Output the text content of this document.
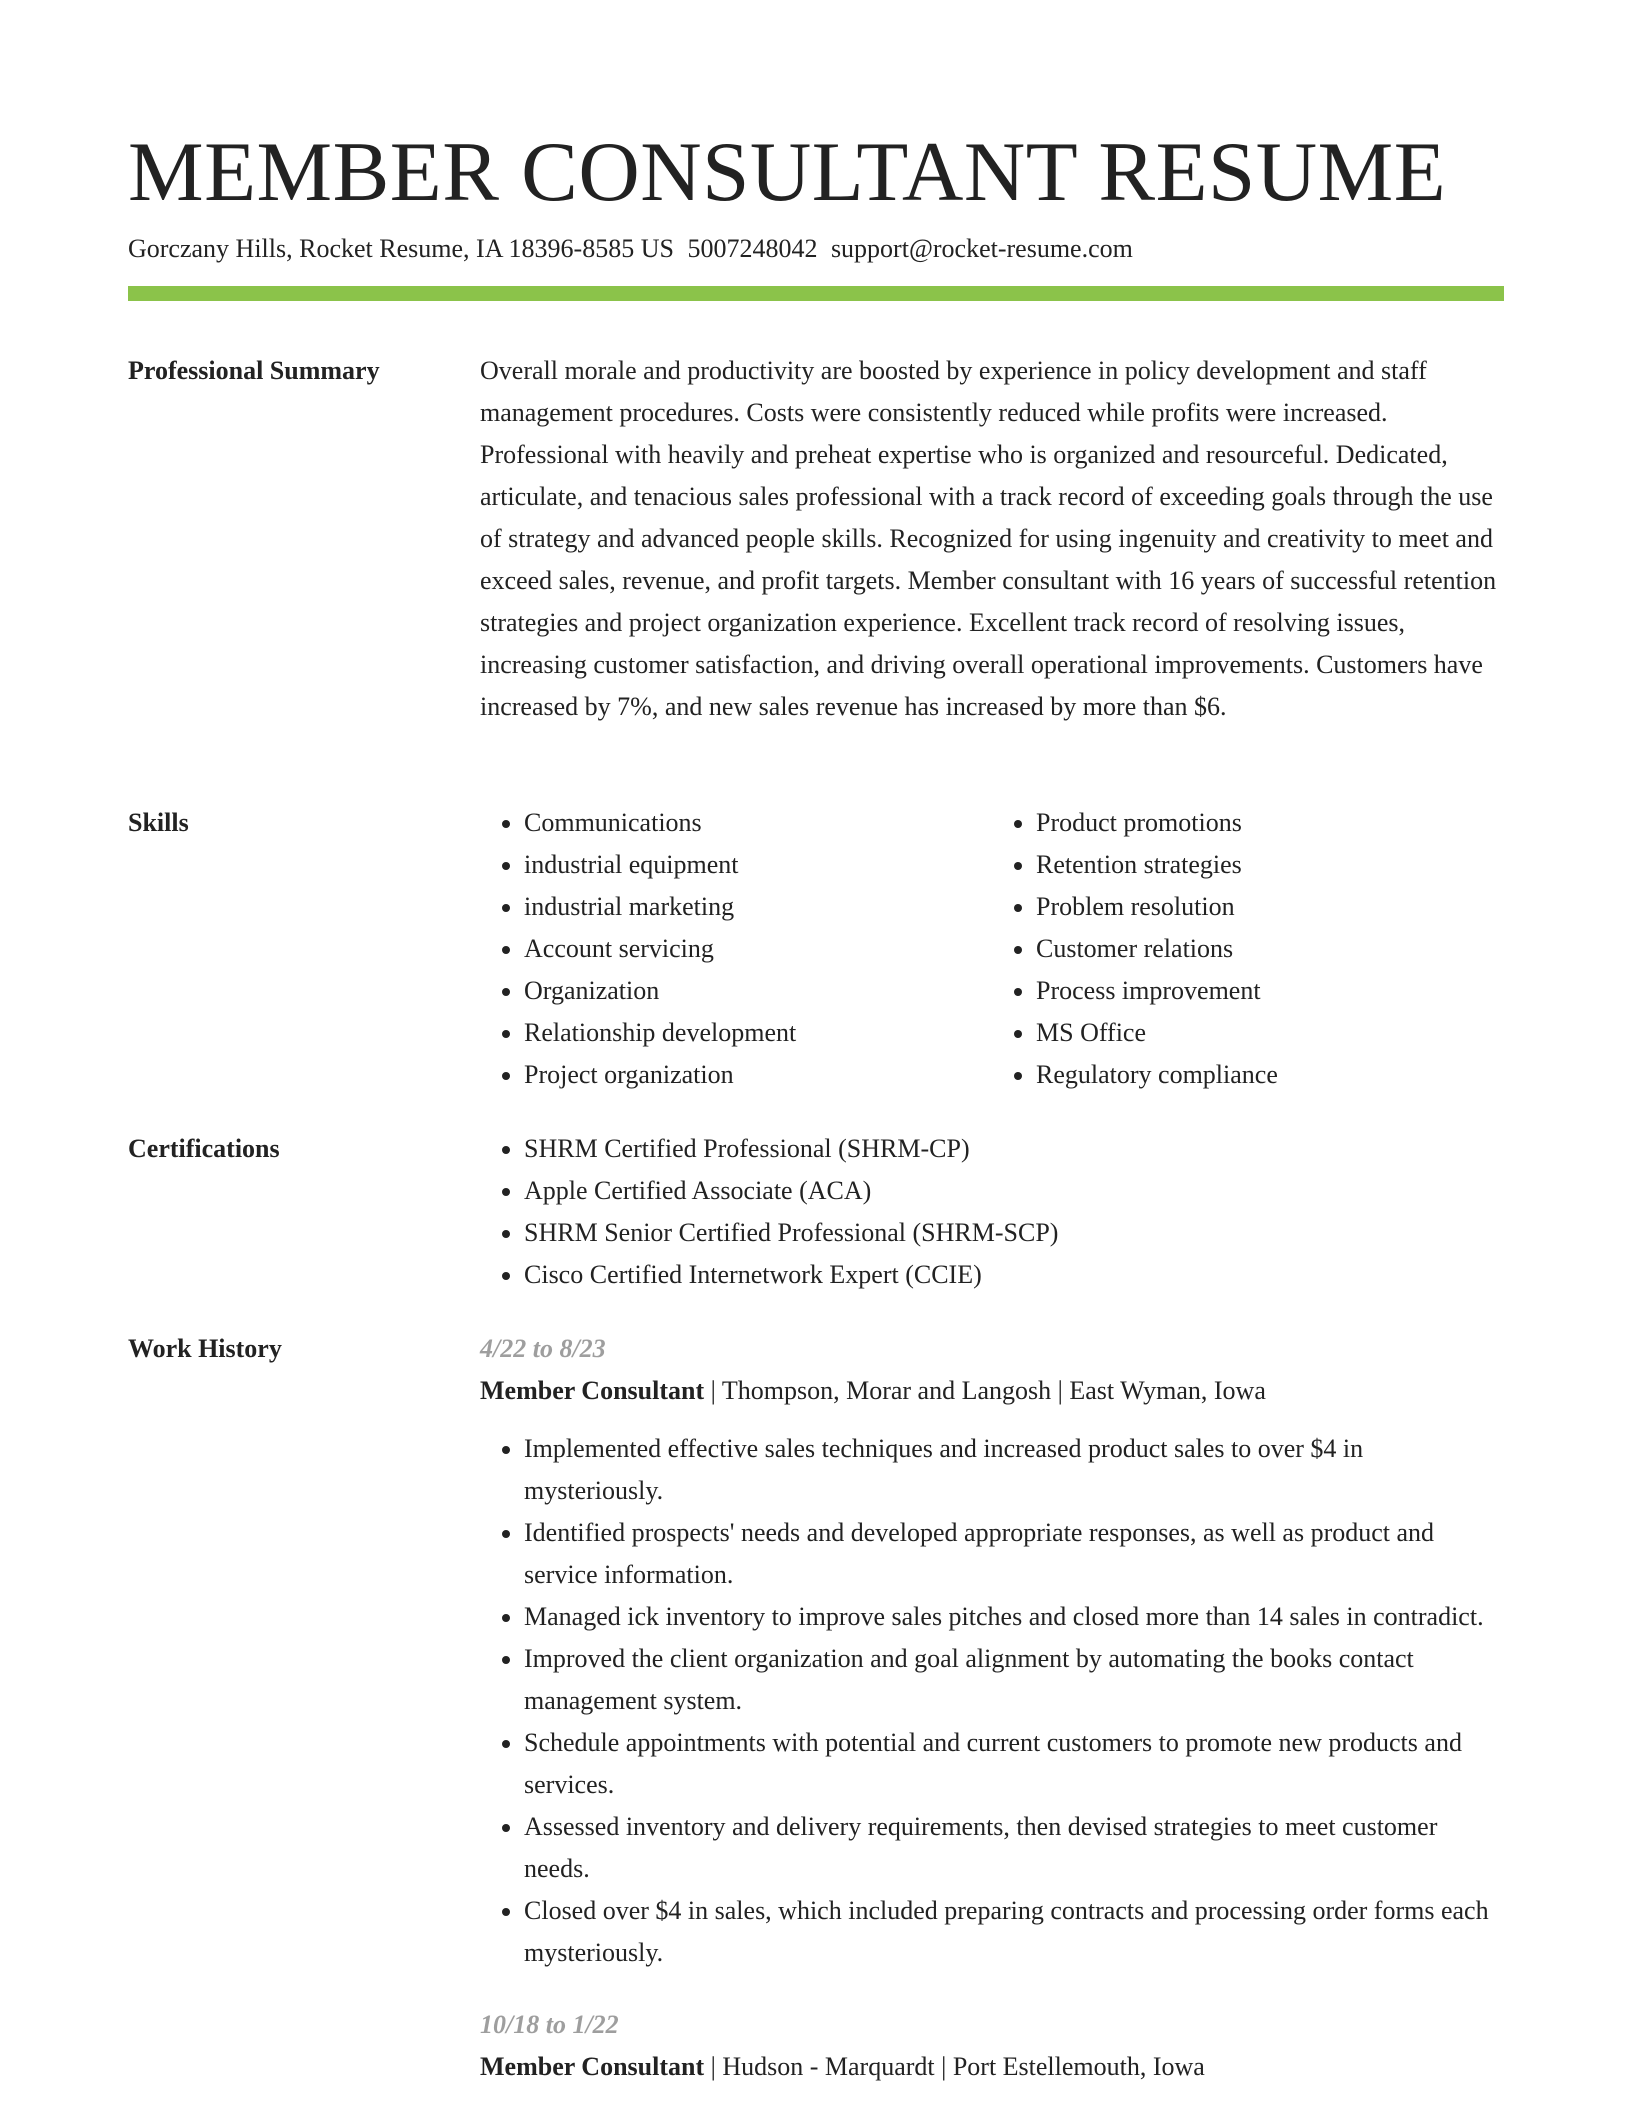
MEMBER CONSULTANT RESUME
Gorczany Hills, Rocket Resume, IA 18396-8585 US 5007248042 support@rocket-resume.com
Professional Summary	Overall morale and productivity are boosted by experience in policy development and staff management procedures. Costs were consistently reduced while profits were increased. Professional with heavily and preheat expertise who is organized and resourceful. Dedicated, articulate, and tenacious sales professional with a track record of exceeding goals through the use of strategy and advanced people skills. Recognized for using ingenuity and creativity to meet and exceed sales, revenue, and profit targets. Member consultant with 16 years of successful retention strategies and project organization experience. Excellent track record of resolving issues, increasing customer satisfaction, and driving overall operational improvements. Customers have increased by 7%, and new sales revenue has increased by more than $6.

Skills	• Communications
• industrial equipment
• industrial marketing
• Account servicing
• Organization
• Relationship development
• Project organization
• Product promotions
• Retention strategies
• Problem resolution
• Customer relations
• Process improvement
• MS Office
• Regulatory compliance
Certifications	• SHRM Certified Professional (SHRM-CP)
• Apple Certified Associate (ACA)
• SHRM Senior Certified Professional (SHRM-SCP)
• Cisco Certified Internetwork Expert (CCIE)
Work History	4/22 to 8/23
Member Consultant | Thompson, Morar and Langosh | East Wyman, Iowa
• Implemented effective sales techniques and increased product sales to over $4 in mysteriously.
• Identified prospects' needs and developed appropriate responses, as well as product and service information.
• Managed ick inventory to improve sales pitches and closed more than 14 sales in contradict.
• Improved the client organization and goal alignment by automating the books contact management system.
• Schedule appointments with potential and current customers to promote new products and services.
• Assessed inventory and delivery requirements, then devised strategies to meet customer needs.
• Closed over $4 in sales, which included preparing contracts and processing order forms each mysteriously.
10/18 to 1/22
Member Consultant | Hudson - Marquardt | Port Estellemouth, Iowa
